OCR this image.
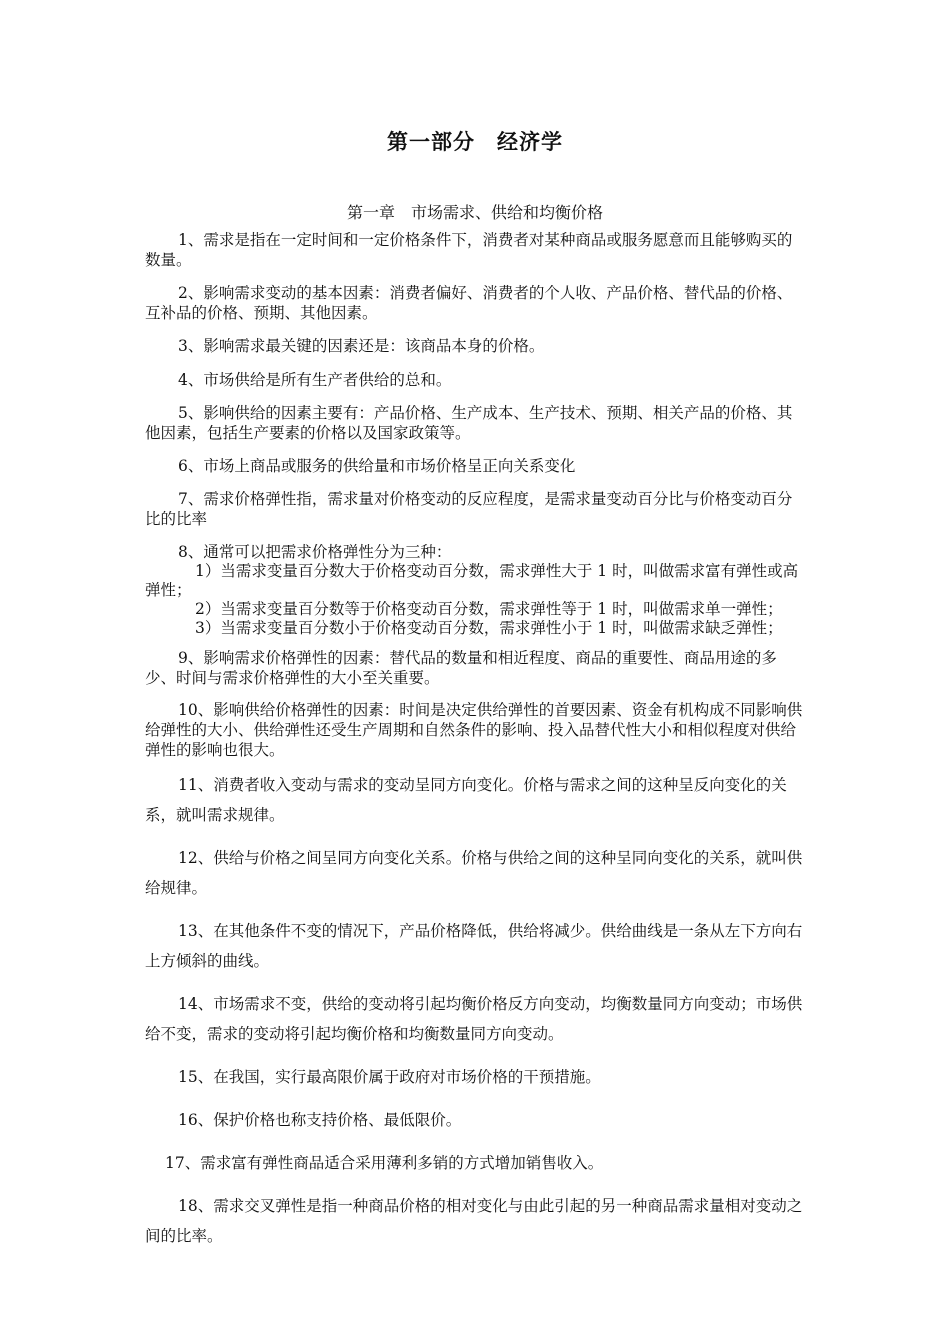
第一部分　经济学
第一章　市场需求、供给和均衡价格

1、需求是指在一定时间和一定价格条件下，消费者对某种商品或服务愿意而且能够购买的数量。

2、影响需求变动的基本因素：消费者偏好、消费者的个人收、产品价格、替代品的价格、互补品的价格、预期、其他因素。

3、影响需求最关键的因素还是：该商品本身的价格。

4、市场供给是所有生产者供给的总和。

5、影响供给的因素主要有：产品价格、生产成本、生产技术、预期、相关产品的价格、其他因素，包括生产要素的价格以及国家政策等。

6、市场上商品或服务的供给量和市场价格呈正向关系变化

7、需求价格弹性指，需求量对价格变动的反应程度，是需求量变动百分比与价格变动百分比的比率

8、通常可以把需求价格弹性分为三种：

1）当需求变量百分数大于价格变动百分数，需求弹性大于 1 时，叫做需求富有弹性或高弹性；

2）当需求变量百分数等于价格变动百分数，需求弹性等于 1 时，叫做需求单一弹性；

3）当需求变量百分数小于价格变动百分数，需求弹性小于 1 时，叫做需求缺乏弹性；

9、影响需求价格弹性的因素：替代品的数量和相近程度、商品的重要性、商品用途的多少、时间与需求价格弹性的大小至关重要。

10、影响供给价格弹性的因素：时间是决定供给弹性的首要因素、资金有机构成不同影响供给弹性的大小、供给弹性还受生产周期和自然条件的影响、投入品替代性大小和相似程度对供给弹性的影响也很大。

11、消费者收入变动与需求的变动呈同方向变化。价格与需求之间的这种呈反向变化的关系，就叫需求规律。

12、供给与价格之间呈同方向变化关系。价格与供给之间的这种呈同向变化的关系，就叫供给规律。

13、在其他条件不变的情况下，产品价格降低，供给将减少。供给曲线是一条从左下方向右上方倾斜的曲线。

14、市场需求不变，供给的变动将引起均衡价格反方向变动，均衡数量同方向变动；市场供给不变，需求的变动将引起均衡价格和均衡数量同方向变动。

15、在我国，实行最高限价属于政府对市场价格的干预措施。

16、保护价格也称支持价格、最低限价。

17、需求富有弹性商品适合采用薄利多销的方式增加销售收入。

18、需求交叉弹性是指一种商品价格的相对变化与由此引起的另一种商品需求量相对变动之间的比率。
